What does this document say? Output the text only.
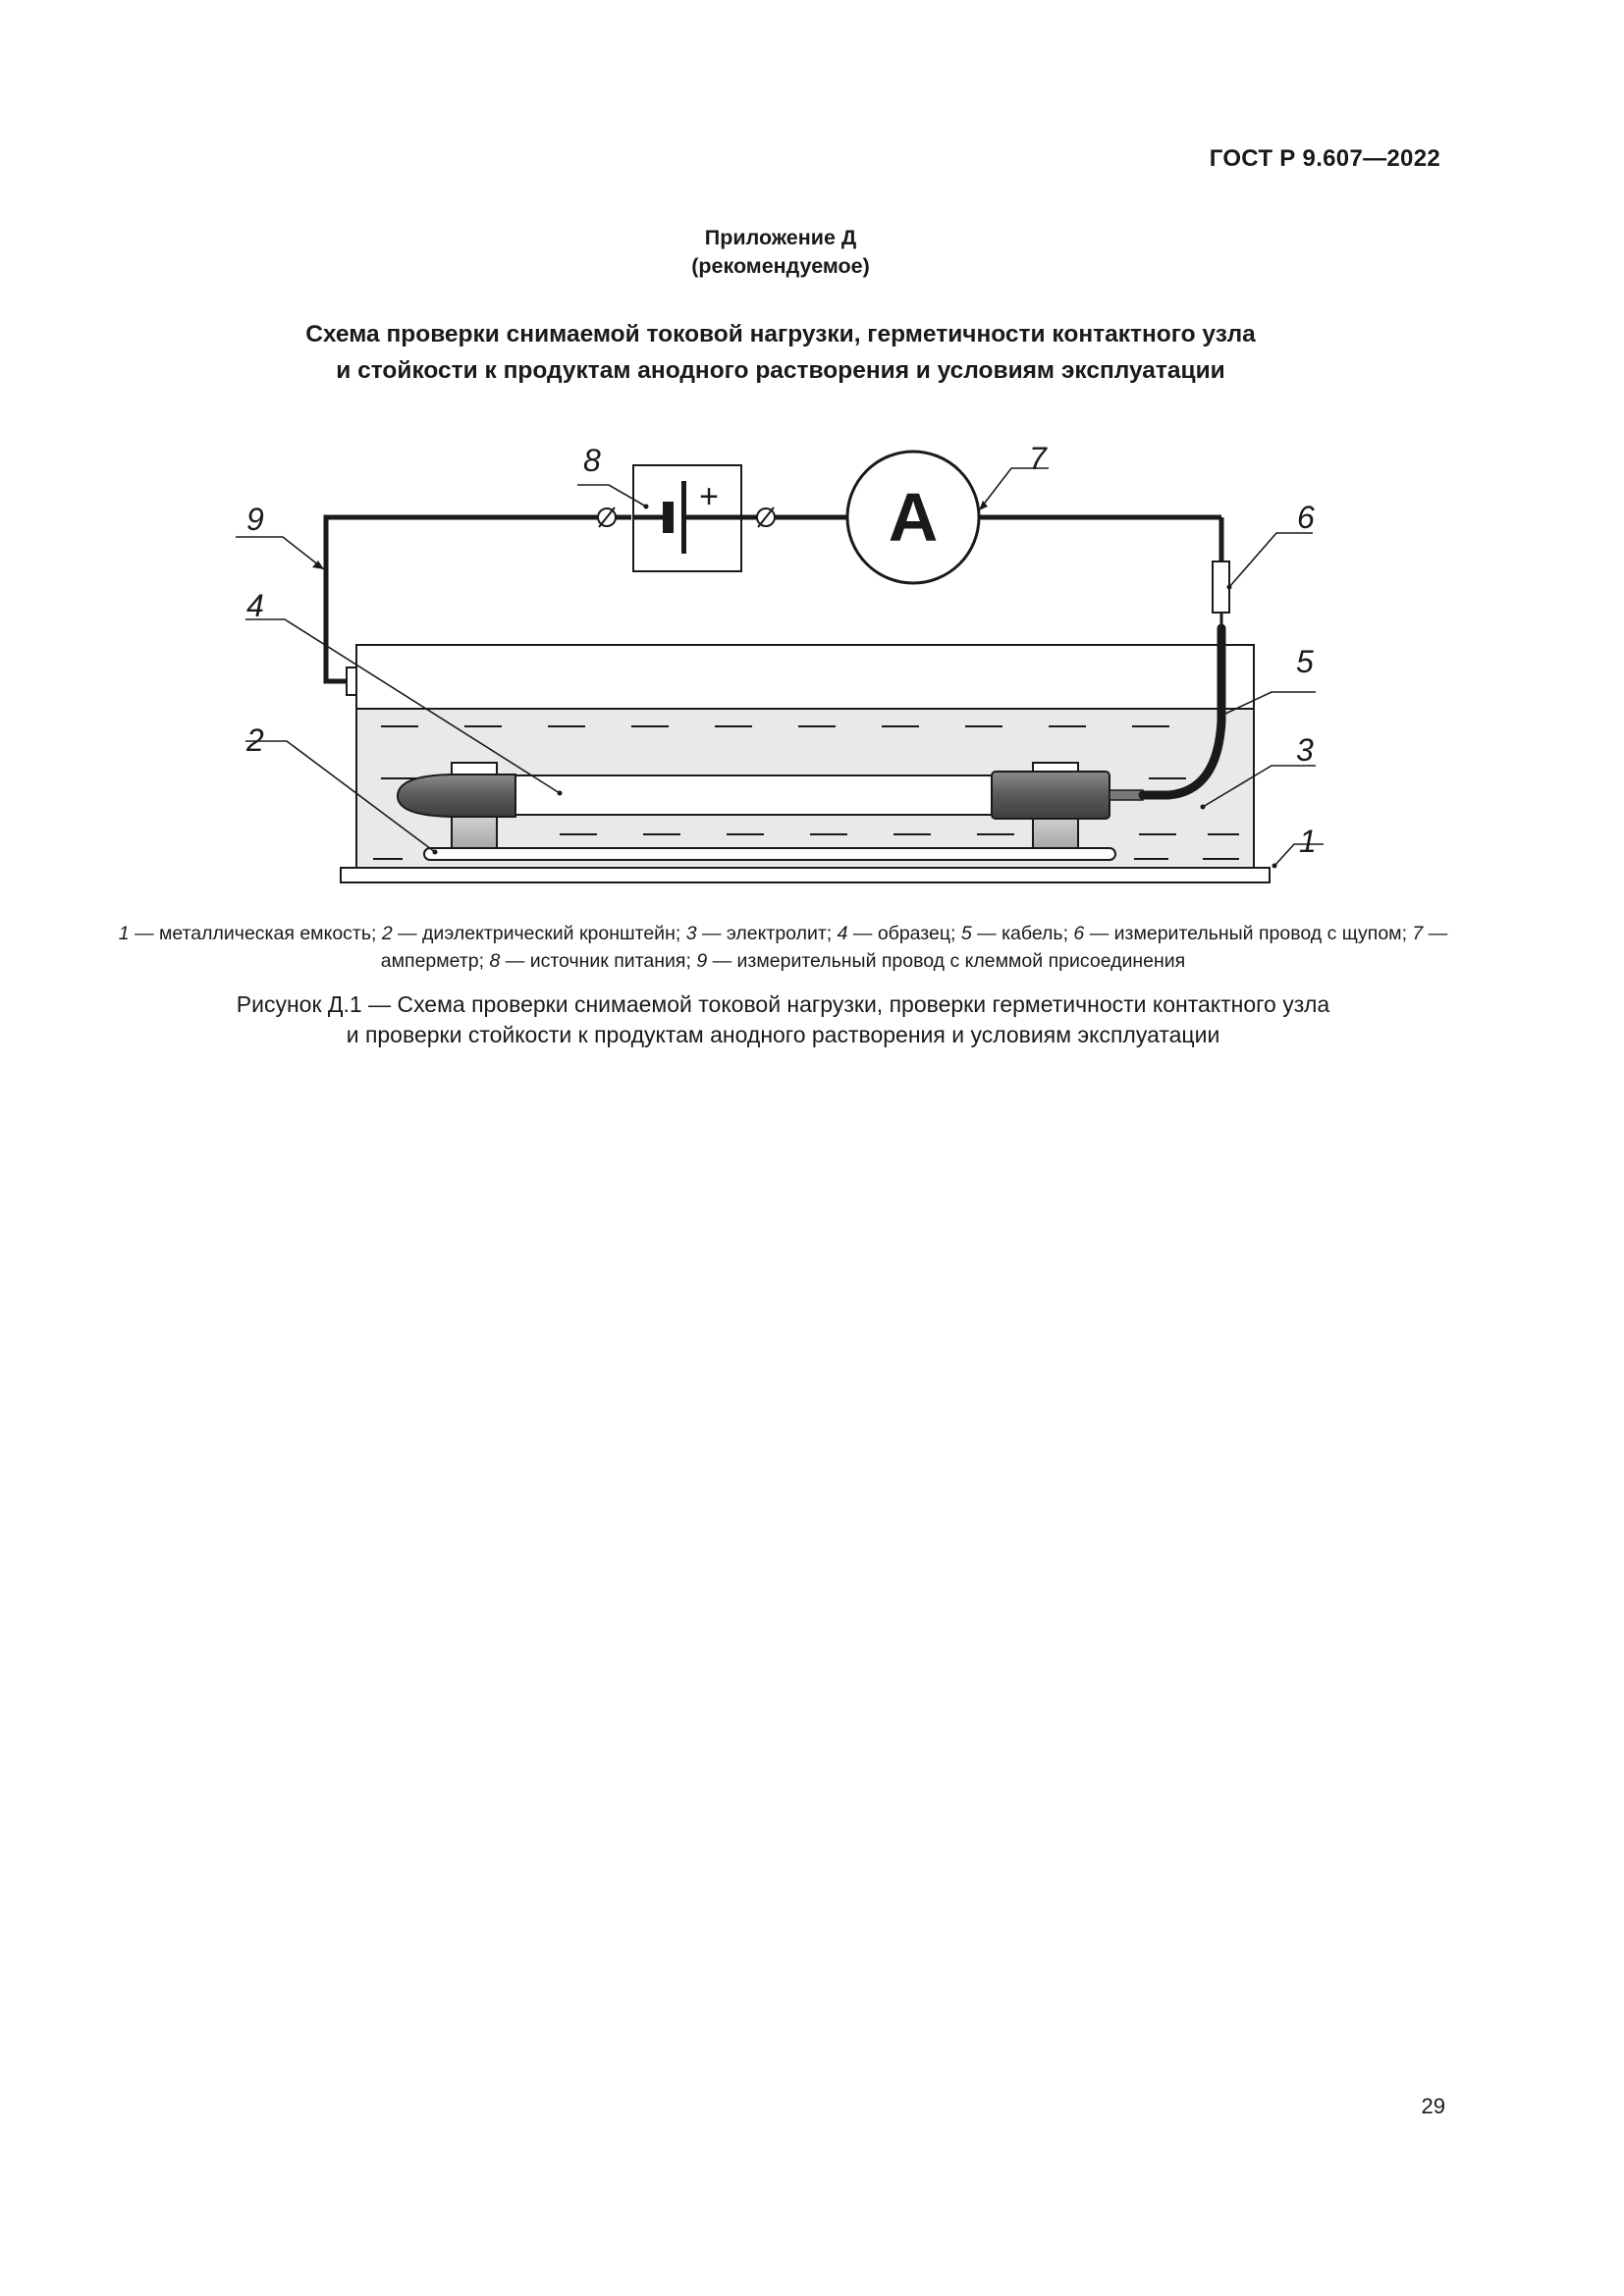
ГОСТ Р 9.607—2022
Приложение Д
(рекомендуемое)
Схема проверки снимаемой токовой нагрузки, герметичности контактного узла
и стойкости к продуктам анодного растворения и условиям эксплуатации
+ A
1
2	3
4
5
6
7
8
9
1 — металлическая емкость; 2 — диэлектрический кронштейн; 3 — электролит; 4 — образец; 5 — кабель; 6 — измерительный провод с щупом; 7 — амперметр; 8 — источник питания; 9 — измерительный провод с клеммой присоединения
Рисунок Д.1 — Схема проверки снимаемой токовой нагрузки, проверки герметичности контактного узла
и проверки стойкости к продуктам анодного растворения и условиям эксплуатации
29
